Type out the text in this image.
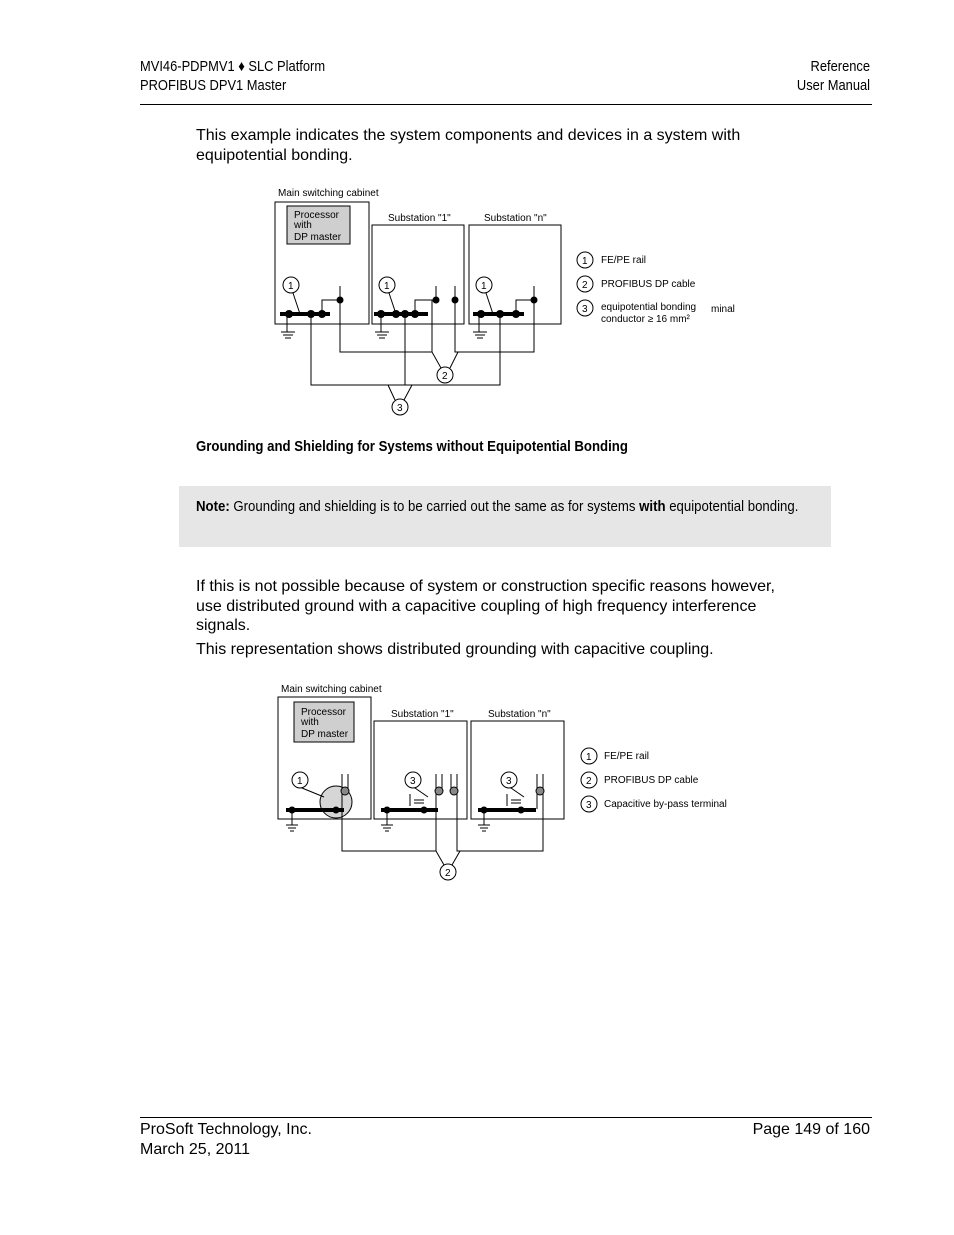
MVI46-PDPMV1 ♦ SLC Platform
PROFIBUS DPV1 Master
Reference
User Manual
This example indicates the system components and devices in a system with equipotential bonding.
Main switching cabinet
Processor
with
DP master
Substation "1"	Substation "n"
1	1	1
2
3
1 FE/PE rail
2 PROFIBUS DP cable
3 equipotential bonding
conductor ≥ 16 mm²
minal
Grounding and Shielding for Systems without Equipotential Bonding
Note: Grounding and shielding is to be carried out the same as for systems with equipotential bonding.
If this is not possible because of system or construction specific reasons however, use distributed ground with a capacitive coupling of high frequency interference signals.
This representation shows distributed grounding with capacitive coupling.
Main switching cabinet
Processor
with
DP master
Substation "1"	Substation "n"
1	3	3
2
1 FE/PE rail
2 PROFIBUS DP cable
3 Capacitive by-pass terminal
ProSoft Technology, Inc.
March 25, 2011
Page 149 of 160
